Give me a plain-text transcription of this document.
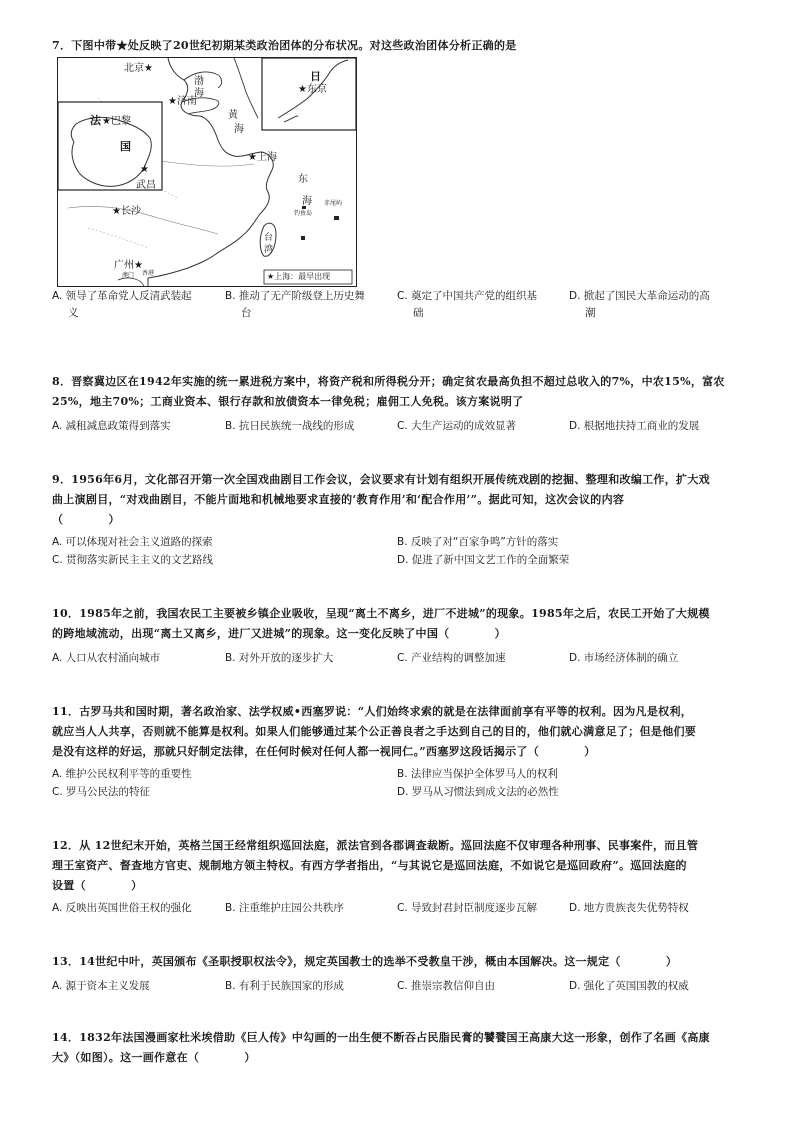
7．下图中带★处反映了20世纪初期某类政治团体的分布状况。对这些政治团体分析正确的是
北京★
渤
海
★济南
法 ★巴黎
国
黄
海
★上海
★
武昌
★长沙
东
海
日
★东京
钓鱼岛
赤尾屿
台
湾
广州★
澳门 香港	★上海：最早出现
A. 领导了革命党人反清武装起
义
B. 推动了无产阶级登上历史舞
台
C. 奠定了中国共产党的组织基
础
D. 掀起了国民大革命运动的高
潮
8．晋察冀边区在1942年实施的统一累进税方案中，将资产税和所得税分开；确定贫农最高负担不超过总收入的7%，中农15%，富农
25%，地主70%；工商业资本、银行存款和放债资本一律免税；雇佣工人免税。该方案说明了
A. 减租减息政策得到落实	B. 抗日民族统一战线的形成	C. 大生产运动的成效显著	D. 根据地扶持工商业的发展
9．1956年6月，文化部召开第一次全国戏曲剧目工作会议，会议要求有计划有组织开展传统戏剧的挖掘、整理和改编工作，扩大戏
曲上演剧目，“对戏曲剧目，不能片面地和机械地要求直接的‘教育作用’和‘配合作用’”。据此可知，这次会议的内容
（　　　　）
A. 可以体现对社会主义道路的探索	B. 反映了对“百家争鸣”方针的落实
C. 贯彻落实新民主主义的文艺路线	D. 促进了新中国文艺工作的全面繁荣
10．1985年之前，我国农民工主要被乡镇企业吸收，呈现“离土不离乡，进厂不进城”的现象。1985年之后，农民工开始了大规模
的跨地域流动，出现“离土又离乡，进厂又进城”的现象。这一变化反映了中国（　　　　）
A. 人口从农村涌向城市	B. 对外开放的逐步扩大	C. 产业结构的调整加速	D. 市场经济体制的确立
11．古罗马共和国时期，著名政治家、法学权威•西塞罗说：“人们始终求索的就是在法律面前享有平等的权利。因为凡是权利，
就应当人人共享，否则就不能算是权利。如果人们能够通过某个公正善良者之手达到自己的目的，他们就心满意足了；但是他们要
是没有这样的好运，那就只好制定法律，在任何时候对任何人都一视同仁。”西塞罗这段话揭示了（　　　　）
A. 维护公民权利平等的重要性	B. 法律应当保护全体罗马人的权利
C. 罗马公民法的特征	D. 罗马从习惯法到成文法的必然性
12．从 12世纪末开始，英格兰国王经常组织巡回法庭，派法官到各郡调查裁断。巡回法庭不仅审理各种刑事、民事案件，而且管
理王室资产、督查地方官吏、规制地方领主特权。有西方学者指出，“与其说它是巡回法庭，不如说它是巡回政府”。巡回法庭的
设置（　　　　）
A. 反映出英国世俗王权的强化	B. 注重维护庄园公共秩序	C. 导致封君封臣制度逐步瓦解	D. 地方贵族丧失优势特权
13．14世纪中叶，英国颁布《圣职授职权法令》，规定英国教士的选举不受教皇干涉，概由本国解决。这一规定（　　　　）
A. 源于资本主义发展	B. 有利于民族国家的形成	C. 推崇宗教信仰自由	D. 强化了英国国教的权威
14．1832年法国漫画家杜米埃借助《巨人传》中勾画的一出生便不断吞占民脂民膏的饕餮国王高康大这一形象，创作了名画《高康
大》（如图）。这一画作意在（　　　　）
